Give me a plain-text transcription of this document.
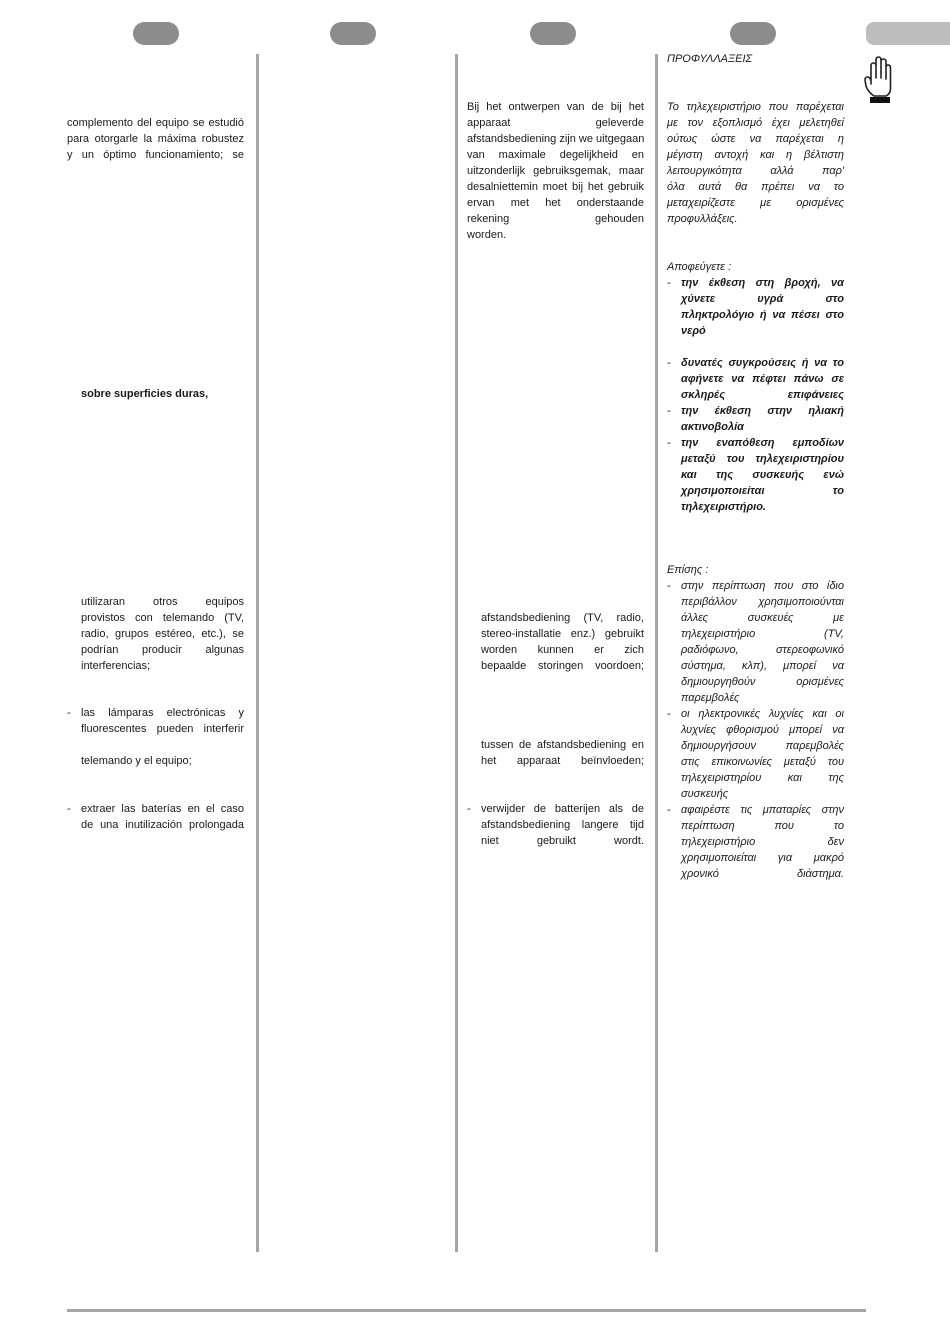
complemento del equipo se estudió
para otorgarle la máxima robustez
y un óptimo funcionamiento; se
sobre superficies duras,
utilizaran otros equipos
provistos con telemando (TV,
radio, grupos estéreo, etc.), se
podrían producir algunas
interferencias;
- las lámparas electrónicas y
fluorescentes pueden interferir
telemando y el equipo;
- extraer las baterías en el caso
de una inutilización prolongada
Bij het ontwerpen van de bij het
apparaat geleverde
afstandsbediening zijn we uitgegaan
van maximale degelijkheid en
uitzonderlijk gebruiksgemak, maar
desalniettemin moet bij het gebruik
ervan met het onderstaande
rekening gehouden
worden.
afstandsbediening (TV, radio,
stereo-installatie enz.) gebruikt
worden kunnen er zich
bepaalde storingen voordoen;
tussen de afstandsbediening en
het apparaat beïnvloeden;
- verwijder de batterijen als de
afstandsbediening langere tijd
niet gebruikt wordt.
ΠΡΟΦΥΛΛΑΞΕΙΣ
Το τηλεχειριστήριο που παρέχεται
με τον εξοπλισμό έχει μελετηθεί
ούτως ώστε να παρέχεται η
μέγιστη αντοχή και η βέλτιστη
λειτουργικότητα αλλά παρ'
όλα αυτά θα πρέπει να το
μεταχειρίζεστε με ορισμένες
προφυλλάξεις.
Αποφεύγετε :
- την έκθεση στη βροχή, να
χύνετε υγρά στο
πληκτρολόγιο ή να πέσει στο
νερό
- δυνατές συγκρούσεις ή να το
αφήνετε να πέφτει πάνω σε
σκληρές επιφάνειες
- την έκθεση στην ηλιακή
ακτινοβολία
- την εναπόθεση εμποδίων
μεταξύ του τηλεχειριστηρίου
και της συσκευής ενώ
χρησιμοποιείται το
τηλεχειριστήριο.
Επίσης :
- στην περίπτωση που στο ίδιο
περιβάλλον χρησιμοποιούνται
άλλες συσκευές με
τηλεχειριστήριο (TV,
ραδιόφωνο, στερεοφωνικό
σύστημα, κλπ), μπορεί να
δημιουργηθούν ορισμένες
παρεμβολές
- οι ηλεκτρονικές λυχνίες και οι
λυχνίες φθορισμού μπορεί να
δημιουργήσουν παρεμβολές
στις επικοινωνίες μεταξύ του
τηλεχειριστηρίου και της
συσκευής
- αφαιρέστε τις μπαταρίες στην
περίπτωση που το
τηλεχειριστήριο δεν
χρησιμοποιείται για μακρό
χρονικό διάστημα.
